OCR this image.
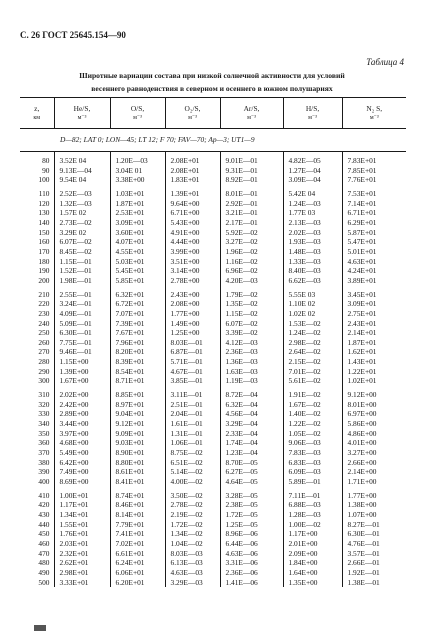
С. 26 ГОСТ 25645.154—90
Таблица 4
Широтные вариации состава при низкой солнечной активности для условий
весеннего равноденствия в северном и осеннего в южном полушариях
z,
км	He/S,
м⁻³	O/S,
м⁻³	O₂/S,
м⁻³	Ar/S,
м⁻³	H/S,
м⁻³	N₂ S,
м⁻³

D—82; LAT 0; LON—45; LT 12; F 70; FAV—70; Ap—3; UT1—9						

80	3.52E 04	1.20E—03	2.08E+01	9.01E—01	4.82E—05	7.83E+01
90	9.13E—04	3.04E 01	2.08E+01	9.31E—01	1.27E—04	7.85E+01
100	9.54E 04	3.38E+00	1.83E+01	8.92E—01	3.09E—04	7.76E+01

110	2.52E—03	1.03E+01	1.39E+01	8.01E—01	5.42E 04	7.53E+01
120	1.32E—03	1.87E+01	9.64E+00	2.92E—01	1.24E—03	7.14E+01
130	1.57E 02	2.53E+01	6.71E+00	3.21E—01	1.77E 03	6.71E+01
140	2.73E—02	3.09E+01	5.43E+00	2.17E—01	2.13E—03	6.29E+01
150	3.29E 02	3.60E+01	4.91E+00	5.92E—02	2.02E—03	5.87E+01
160	6.07E—02	4.07E+01	4.44E+00	3.27E—02	1.93E—03	5.47E+01
170	8.45E—02	4.55E+01	3.99E+00	1.96E—02	1.48E—03	5.01E+01
180	1.15E—01	5.03E+01	3.51E+00	1.16E—02	1.33E—03	4.63E+01
190	1.52E—01	5.45E+01	3.14E+00	6.96E—02	8.40E—03	4.24E+01
200	1.98E—01	5.85E+01	2.78E+00	4.20E—03	6.62E—03	3.89E+01

210	2.55E—01	6.32E+01	2.43E+00	1.79E—02	5.55E 03	3.45E+01
220	3.24E—01	6.72E+01	2.08E+00	1.35E—02	1.10E 02	3.09E+01
230	4.09E—01	7.07E+01	1.77E+00	1.15E—02	1.02E 02	2.75E+01
240	5.09E—01	7.39E+01	1.49E+00	6.07E—02	1.53E—02	2.43E+01
250	6.30E—01	7.67E+01	1.25E+00	3.39E—02	1.24E—02	2.14E+01
260	7.75E—01	7.96E+01	8.03E—01	4.12E—03	2.98E—02	1.87E+01
270	9.46E—01	8.20E+01	6.87E—01	2.36E—03	2.64E—02	1.62E+01
280	1.15E+00	8.39E+01	5.71E—01	1.36E—03	2.15E—02	1.43E+01
290	1.39E+00	8.54E+01	4.67E—01	1.63E—03	7.01E—02	1.22E+01
300	1.67E+00	8.71E+01	3.85E—01	1.19E—03	5.61E—02	1.02E+01

310	2.02E+00	8.85E+01	3.11E—01	8.72E—04	1.91E—02	9.12E+00
320	2.42E+00	8.97E+01	2.51E—01	6.32E—04	1.67E—02	8.01E+00
330	2.89E+00	9.04E+01	2.04E—01	4.56E—04	1.40E—02	6.97E+00
340	3.44E+00	9.12E+01	1.61E—01	3.29E—04	1.22E—02	5.86E+00
350	3.97E+00	9.09E+01	1.31E—01	2.33E—04	1.05E—02	4.86E+00
360	4.68E+00	9.03E+01	1.06E—01	1.74E—04	9.06E—03	4.01E+00
370	5.49E+00	8.90E+01	8.75E—02	1.23E—04	7.83E—03	3.27E+00
380	6.42E+00	8.80E+01	6.51E—02	8.70E—05	6.83E—03	2.66E+00
390	7.49E+00	8.61E+01	5.14E—02	6.27E—05	6.09E—03	2.14E+00
400	8.69E+00	8.41E+01	4.00E—02	4.64E—05	5.89E—01	1.71E+00

410	1.00E+01	8.74E+01	3.50E—02	3.28E—05	7.11E—01	1.77E+00
420	1.17E+01	8.46E+01	2.78E—02	2.38E—05	6.88E—03	1.38E+00
430	1.34E+01	8.14E+01	2.19E—02	1.72E—05	1.28E—03	1.07E+00
440	1.55E+01	7.79E+01	1.72E—02	1.25E—05	1.00E—02	8.27E—01
450	1.76E+01	7.41E+01	1.34E—02	8.96E—06	1.17E+00	6.30E—01
460	2.03E+01	7.02E+01	1.04E—02	6.44E—06	2.01E+00	4.76E—01
470	2.32E+01	6.61E+01	8.03E—03	4.63E—06	2.09E+00	3.57E—01
480	2.62E+01	6.24E+01	6.13E—03	3.31E—06	1.84E+00	2.66E—01
490	2.98E+01	6.06E+01	4.63E—03	2.36E—06	1.64E+00	1.92E—01
500	3.33E+01	6.20E+01	3.29E—03	1.41E—06	1.35E+00	1.38E—01
